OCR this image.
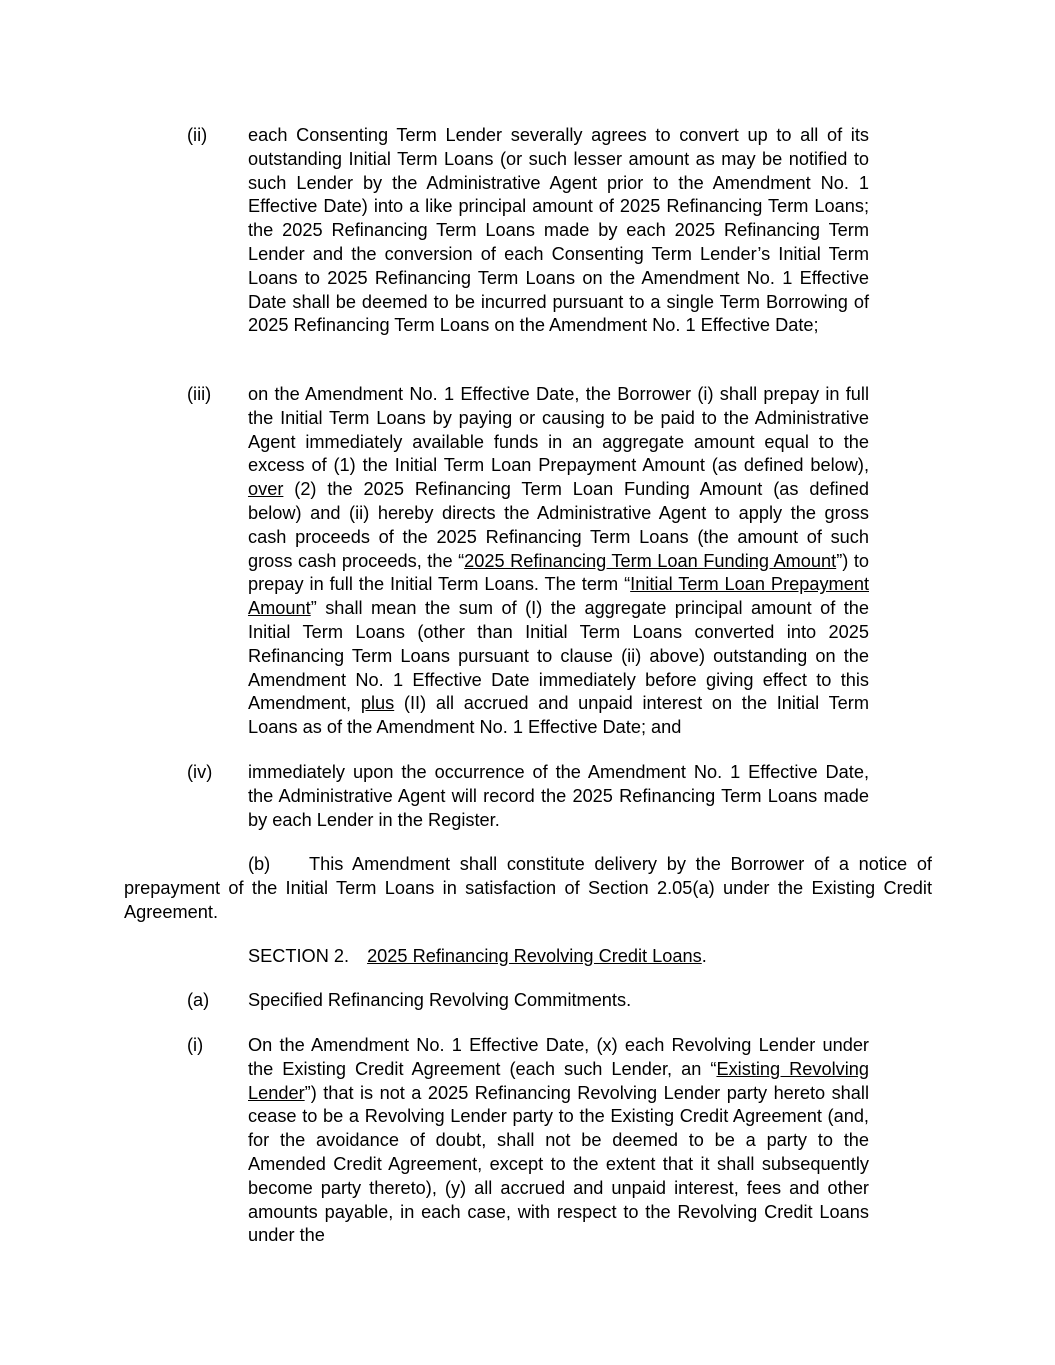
(ii) each Consenting Term Lender severally agrees to convert up to all of its outstanding Initial Term Loans (or such lesser amount as may be notified to such Lender by the Administrative Agent prior to the Amendment No. 1 Effective Date) into a like principal amount of 2025 Refinancing Term Loans; the 2025 Refinancing Term Loans made by each 2025 Refinancing Term Lender and the conversion of each Consenting Term Lender’s Initial Term Loans to 2025 Refinancing Term Loans on the Amendment No. 1 Effective Date shall be deemed to be incurred pursuant to a single Term Borrowing of 2025 Refinancing Term Loans on the Amendment No. 1 Effective Date;
(iii) on the Amendment No. 1 Effective Date, the Borrower (i) shall prepay in full the Initial Term Loans by paying or causing to be paid to the Administrative Agent immediately available funds in an aggregate amount equal to the excess of (1) the Initial Term Loan Prepayment Amount (as defined below), over (2) the 2025 Refinancing Term Loan Funding Amount (as defined below) and (ii) hereby directs the Administrative Agent to apply the gross cash proceeds of the 2025 Refinancing Term Loans (the amount of such gross cash proceeds, the “2025 Refinancing Term Loan Funding Amount”) to prepay in full the Initial Term Loans. The term “Initial Term Loan Prepayment Amount” shall mean the sum of (I) the aggregate principal amount of the Initial Term Loans (other than Initial Term Loans converted into 2025 Refinancing Term Loans pursuant to clause (ii) above) outstanding on the Amendment No. 1 Effective Date immediately before giving effect to this Amendment, plus (II) all accrued and unpaid interest on the Initial Term Loans as of the Amendment No. 1 Effective Date; and
(iv) immediately upon the occurrence of the Amendment No. 1 Effective Date, the Administrative Agent will record the 2025 Refinancing Term Loans made by each Lender in the Register.
(b) This Amendment shall constitute delivery by the Borrower of a notice of prepayment of the Initial Term Loans in satisfaction of Section 2.05(a) under the Existing Credit Agreement.
SECTION 2. 2025 Refinancing Revolving Credit Loans.
(a) Specified Refinancing Revolving Commitments.
(i) On the Amendment No. 1 Effective Date, (x) each Revolving Lender under the Existing Credit Agreement (each such Lender, an “Existing Revolving Lender”) that is not a 2025 Refinancing Revolving Lender party hereto shall cease to be a Revolving Lender party to the Existing Credit Agreement (and, for the avoidance of doubt, shall not be deemed to be a party to the Amended Credit Agreement, except to the extent that it shall subsequently become party thereto), (y) all accrued and unpaid interest, fees and other amounts payable, in each case, with respect to the Revolving Credit Loans under the
